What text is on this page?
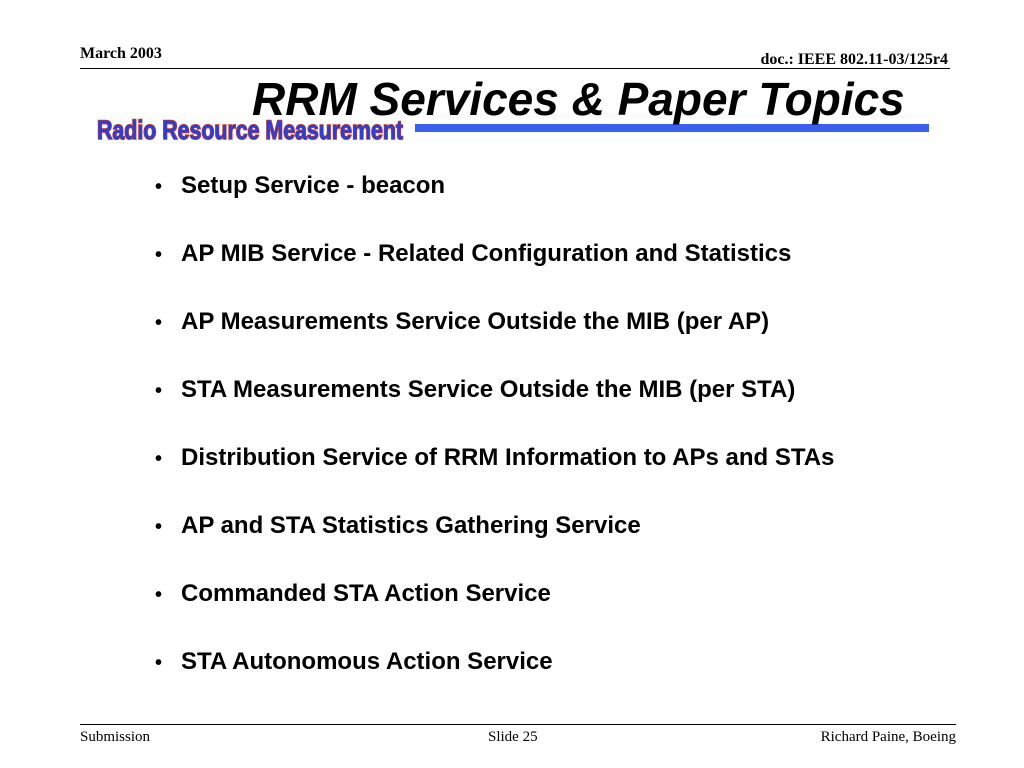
March 2003	doc.: IEEE 802.11-03/125r4
Radio Resource Measurement
RRM Services & Paper Topics
• Setup Service - beacon
• AP MIB Service - Related Configuration and Statistics
• AP Measurements Service Outside the MIB (per AP)
• STA Measurements Service Outside the MIB (per STA)
• Distribution Service of RRM Information to APs and STAs
• AP and STA Statistics Gathering Service
• Commanded STA Action Service
• STA Autonomous Action Service
Submission	Slide 25	Richard Paine, Boeing
